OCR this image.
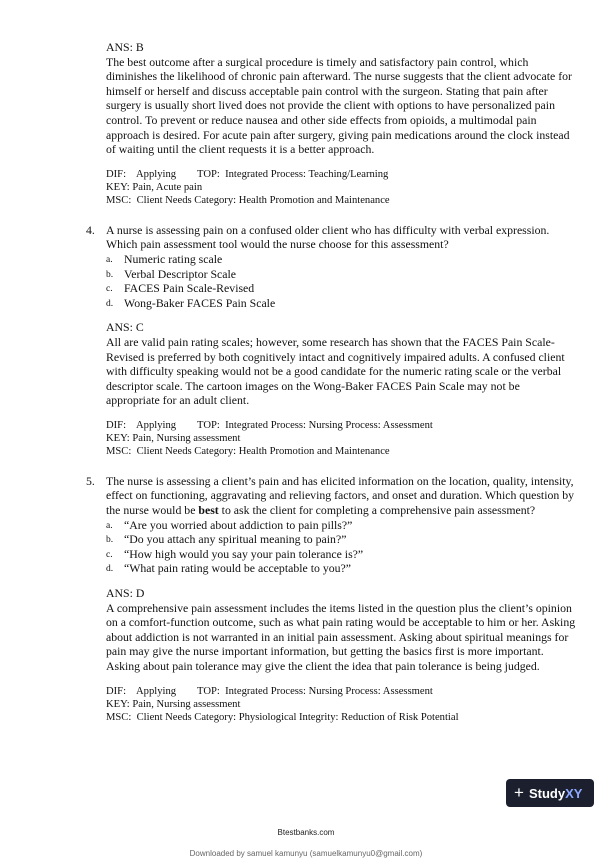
ANS: B

The best outcome after a surgical procedure is timely and satisfactory pain control, which diminishes the likelihood of chronic pain afterward. The nurse suggests that the client advocate for himself or herself and discuss acceptable pain control with the surgeon. Stating that pain after surgery is usually short lived does not provide the client with options to have personalized pain control. To prevent or reduce nausea and other side effects from opioids, a multimodal pain approach is desired. For acute pain after surgery, giving pain medications around the clock instead of waiting until the client requests it is a better approach.

DIF:    Applying        TOP:  Integrated Process: Teaching/Learning
KEY: Pain, Acute pain
MSC:  Client Needs Category: Health Promotion and Maintenance
4. A nurse is assessing pain on a confused older client who has difficulty with verbal expression. Which pain assessment tool would the nurse choose for this assessment?

a. Numeric rating scale
b. Verbal Descriptor Scale
c. FACES Pain Scale-Revised
d. Wong-Baker FACES Pain Scale

ANS: C

All are valid pain rating scales; however, some research has shown that the FACES Pain Scale-Revised is preferred by both cognitively intact and cognitively impaired adults. A confused client with difficulty speaking would not be a good candidate for the numeric rating scale or the verbal descriptor scale. The cartoon images on the Wong-Baker FACES Pain Scale may not be appropriate for an adult client.

DIF:    Applying        TOP:  Integrated Process: Nursing Process: Assessment
KEY: Pain, Nursing assessment
MSC:  Client Needs Category: Health Promotion and Maintenance
5. The nurse is assessing a client’s pain and has elicited information on the location, quality, intensity, effect on functioning, aggravating and relieving factors, and onset and duration. Which question by the nurse would be best to ask the client for completing a comprehensive pain assessment?

a. “Are you worried about addiction to pain pills?”
b. “Do you attach any spiritual meaning to pain?”
c. “How high would you say your pain tolerance is?”
d. “What pain rating would be acceptable to you?”

ANS: D

A comprehensive pain assessment includes the items listed in the question plus the client’s opinion on a comfort-function outcome, such as what pain rating would be acceptable to him or her. Asking about addiction is not warranted in an initial pain assessment. Asking about spiritual meanings for pain may give the nurse important information, but getting the basics first is more important. Asking about pain tolerance may give the client the idea that pain tolerance is being judged.

DIF:    Applying        TOP:  Integrated Process: Nursing Process: Assessment
KEY: Pain, Nursing assessment
MSC:  Client Needs Category: Physiological Integrity: Reduction of Risk Potential
+ Study XY
Btestbanks.com
Downloaded by samuel kamunyu (samuelkamunyu0@gmail.com)
